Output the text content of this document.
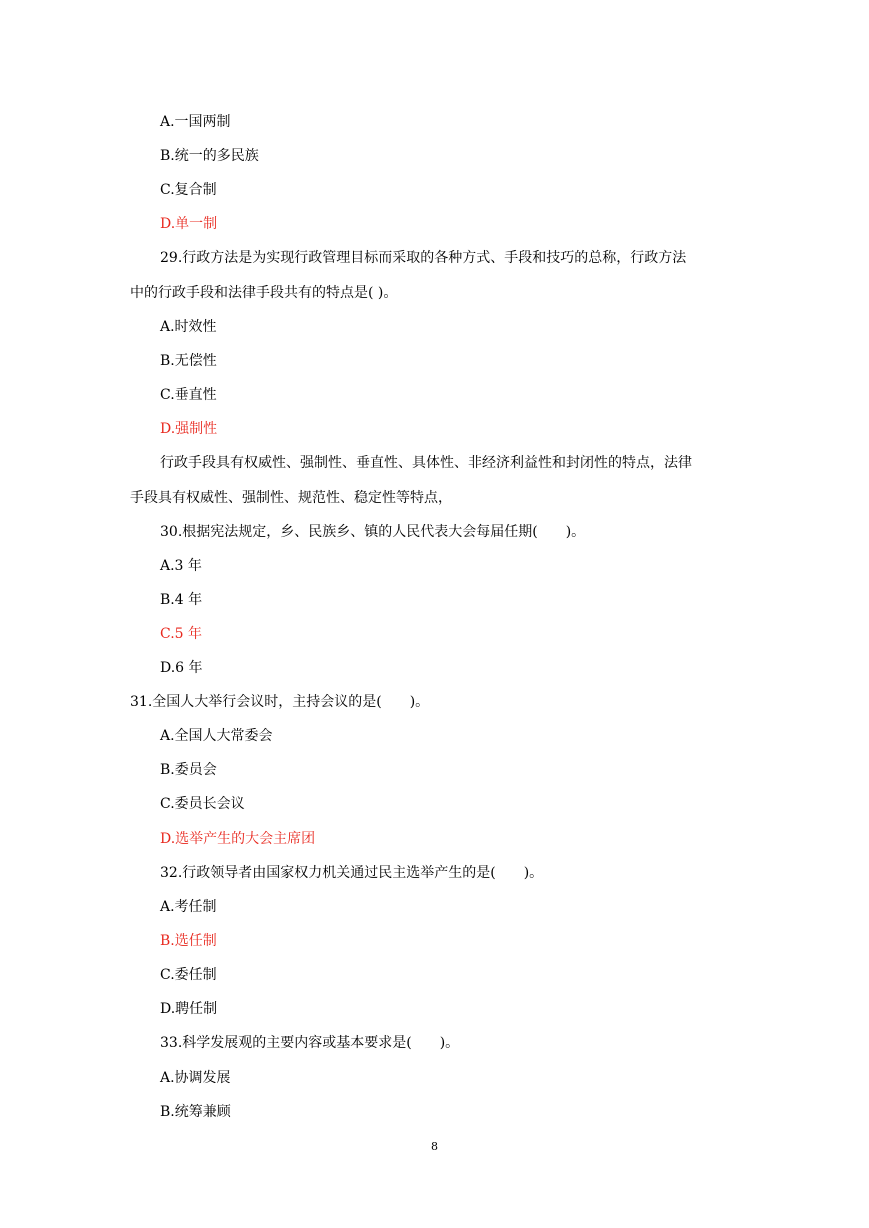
A.一国两制
B.统一的多民族
C.复合制
D.单一制
29.行政方法是为实现行政管理目标而采取的各种方式、手段和技巧的总称，行政方法
中的行政手段和法律手段共有的特点是( )。
A.时效性
B.无偿性
C.垂直性
D.强制性
行政手段具有权威性、强制性、垂直性、具体性、非经济利益性和封闭性的特点，法律
手段具有权威性、强制性、规范性、稳定性等特点，
30.根据宪法规定，乡、民族乡、镇的人民代表大会每届任期(　　)。
A.3 年
B.4 年
C.5 年
D.6 年
31.全国人大举行会议时，主持会议的是(　　)。
A.全国人大常委会
B.委员会
C.委员长会议
D.选举产生的大会主席团
32.行政领导者由国家权力机关通过民主选举产生的是(　　)。
A.考任制
B.选任制
C.委任制
D.聘任制
33.科学发展观的主要内容或基本要求是(　　)。
A.协调发展
B.统筹兼顾
8
